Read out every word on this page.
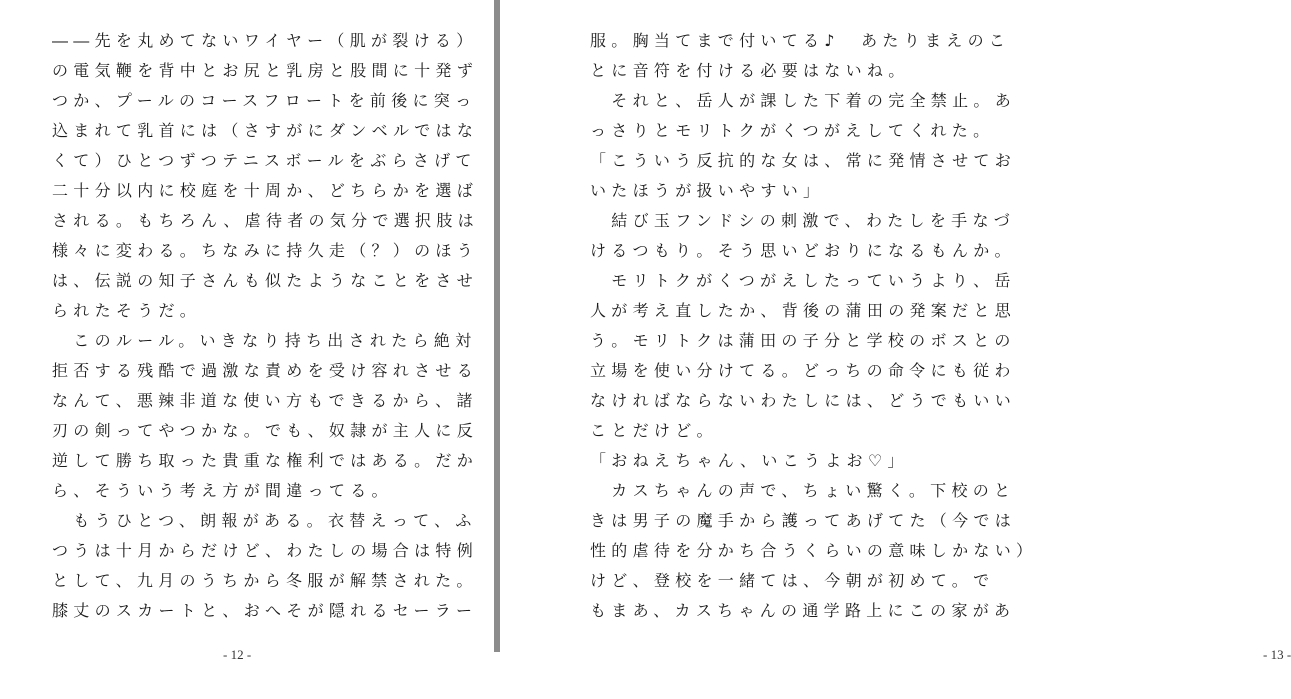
――先を丸めてないワイヤー（肌が裂ける）
の電気鞭を背中とお尻と乳房と股間に十発ず
つか、プールのコースフロートを前後に突っ
込まれて乳首には（さすがにダンベルではな
くて）ひとつずつテニスボールをぶらさげて
二十分以内に校庭を十周か、どちらかを選ば
される。もちろん、虐待者の気分で選択肢は
様々に変わる。ちなみに持久走（？）のほう
は、伝説の知子さんも似たようなことをさせ
られたそうだ。
　このルール。いきなり持ち出されたら絶対
拒否する残酷で過激な責めを受け容れさせる
なんて、悪辣非道な使い方もできるから、諸
刃の剣ってやつかな。でも、奴隷が主人に反
逆して勝ち取った貴重な権利ではある。だか
ら、そういう考え方が間違ってる。
　もうひとつ、朗報がある。衣替えって、ふ
つうは十月からだけど、わたしの場合は特例
として、九月のうちから冬服が解禁された。
膝丈のスカートと、おへそが隠れるセーラー
- 12 -	- 13 -
服。胸当てまで付いてる♪　あたりまえのこ
とに音符を付ける必要はないね。
　それと、岳人が課した下着の完全禁止。あ
っさりとモリトクがくつがえしてくれた。
「こういう反抗的な女は、常に発情させてお
いたほうが扱いやすい」
　結び玉フンドシの刺激で、わたしを手なづ
けるつもり。そう思いどおりになるもんか。
　モリトクがくつがえしたっていうより、岳
人が考え直したか、背後の蒲田の発案だと思
う。モリトクは蒲田の子分と学校のボスとの
立場を使い分けてる。どっちの命令にも従わ
なければならないわたしには、どうでもいい
ことだけど。
「おねえちゃん、いこうよお♡」
　カスちゃんの声で、ちょい驚く。下校のと
きは男子の魔手から護ってあげてた（今では
性的虐待を分かち合うくらいの意味しかない）
けど、登校を一緒ては、今朝が初めて。で
もまあ、カスちゃんの通学路上にこの家があ
